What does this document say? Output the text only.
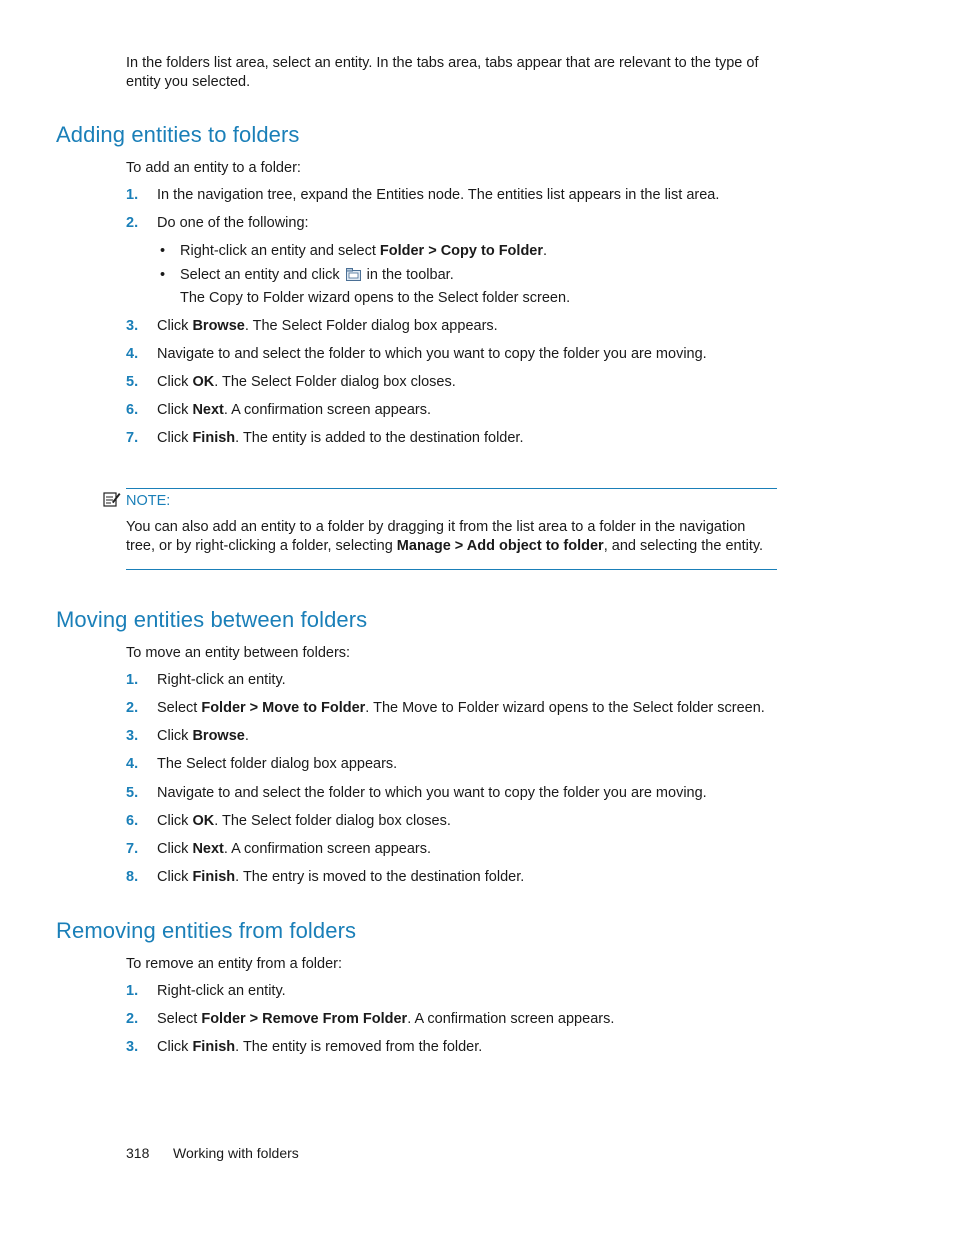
In the folders list area, select an entity. In the tabs area, tabs appear that are relevant to the type of
entity you selected.
Adding entities to folders
To add an entity to a folder:
1. In the navigation tree, expand the Entities node. The entities list appears in the list area.
2. Do one of the following:
• Right-click an entity and select Folder > Copy to Folder.
• Select an entity and click  in the toolbar.
The Copy to Folder wizard opens to the Select folder screen.
3. Click Browse. The Select Folder dialog box appears.
4. Navigate to and select the folder to which you want to copy the folder you are moving.
5. Click OK. The Select Folder dialog box closes.
6. Click Next. A confirmation screen appears.
7. Click Finish. The entity is added to the destination folder.
NOTE:
You can also add an entity to a folder by dragging it from the list area to a folder in the navigation
tree, or by right-clicking a folder, selecting Manage > Add object to folder, and selecting the entity.
Moving entities between folders
To move an entity between folders:
1. Right-click an entity.
2. Select Folder > Move to Folder. The Move to Folder wizard opens to the Select folder screen.
3. Click Browse.
4. The Select folder dialog box appears.
5. Navigate to and select the folder to which you want to copy the folder you are moving.
6. Click OK. The Select folder dialog box closes.
7. Click Next. A confirmation screen appears.
8. Click Finish. The entry is moved to the destination folder.
Removing entities from folders
To remove an entity from a folder:
1. Right-click an entity.
2. Select Folder > Remove From Folder. A confirmation screen appears.
3. Click Finish. The entity is removed from the folder.
318 Working with folders
